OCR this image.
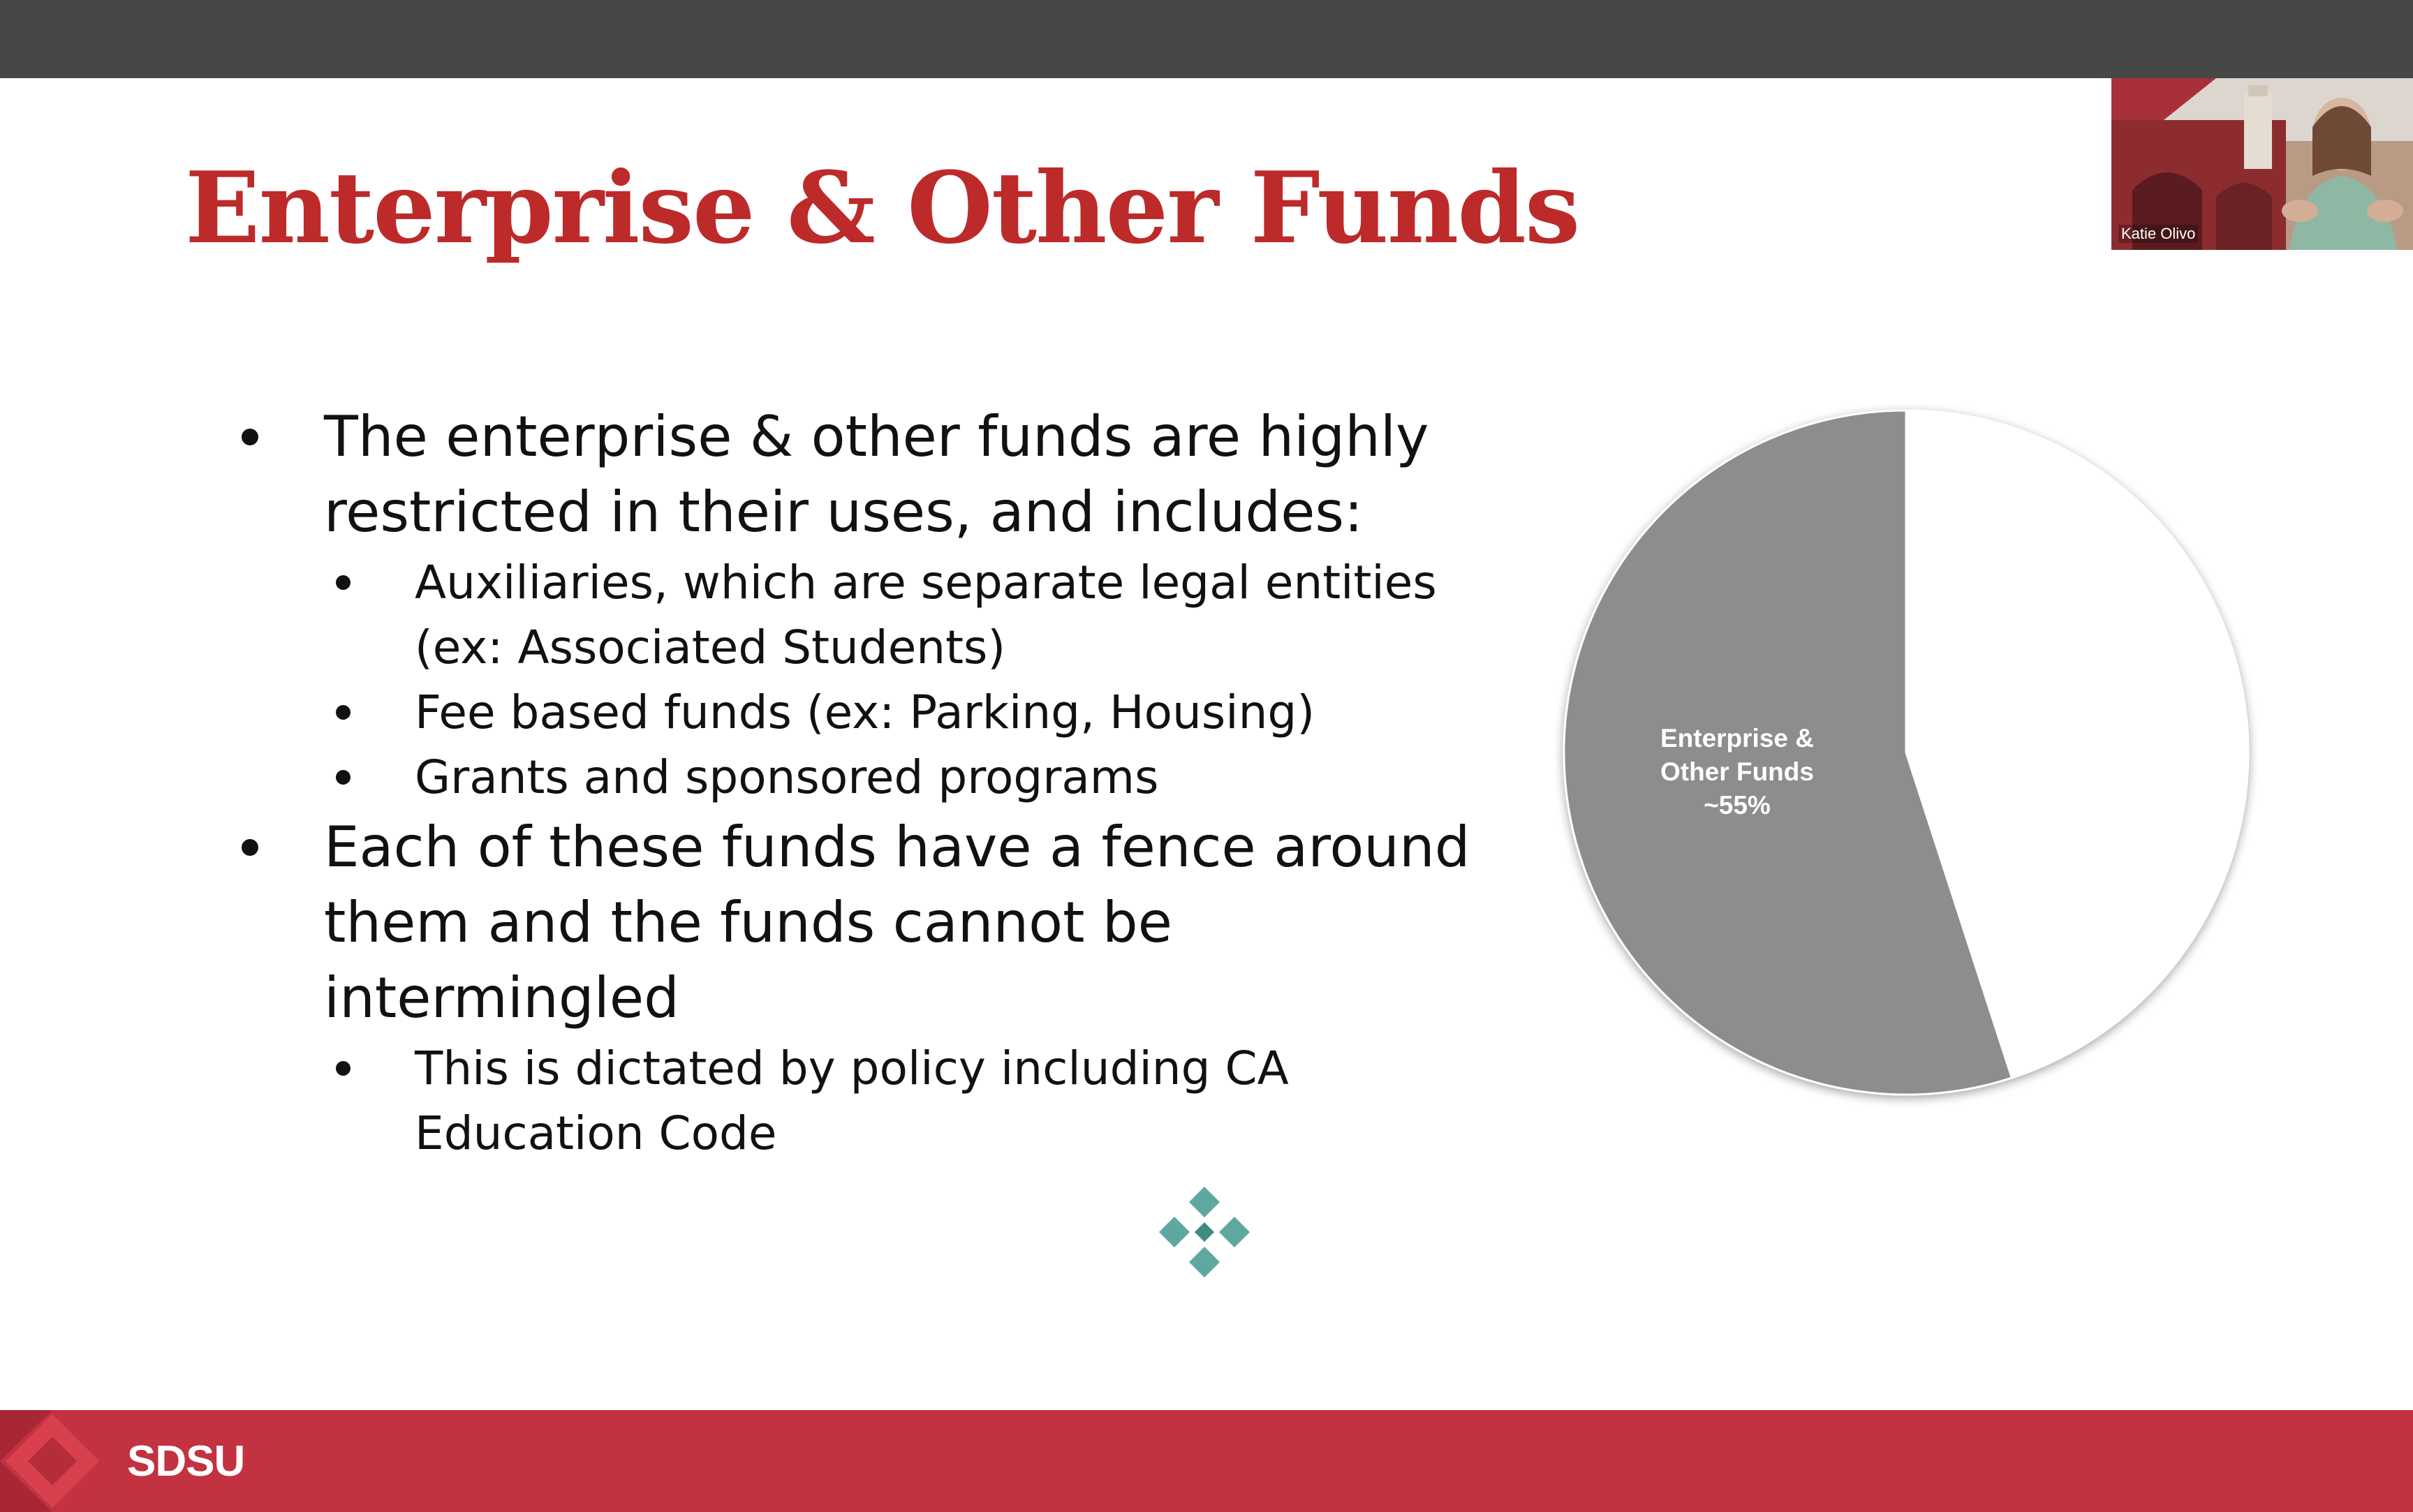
Enterprise & Other Funds
The enterprise & other funds are highly restricted in their uses, and includes:
Auxiliaries, which are separate legal entities (ex: Associated Students)
Fee based funds (ex: Parking, Housing)
Grants and sponsored programs
Each of these funds have a fence around them and the funds cannot be intermingled
This is dictated by policy including CA Education Code
Enterprise & Other Funds ~55%
SDSU
Katie Olivo
